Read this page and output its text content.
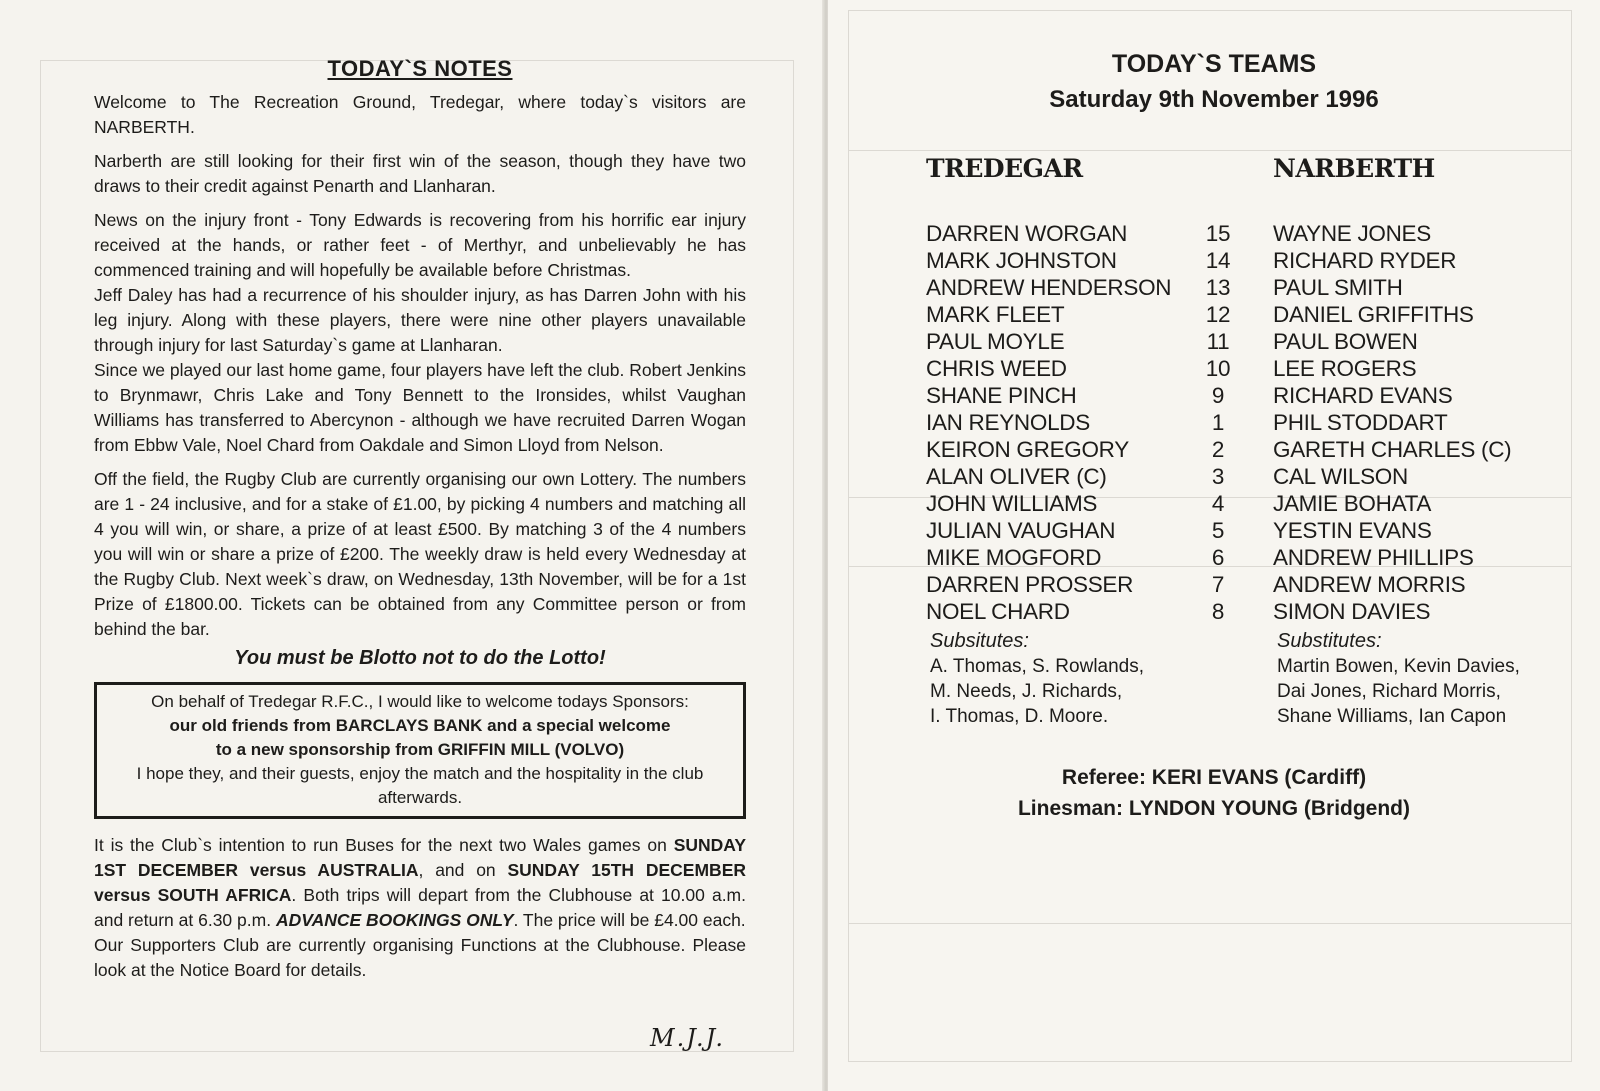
TODAY`S NOTES

Welcome to The Recreation Ground, Tredegar, where today`s visitors are NARBERTH.

Narberth are still looking for their first win of the season, though they have two draws to their credit against Penarth and Llanharan.

News on the injury front - Tony Edwards is recovering from his horrific ear injury received at the hands, or rather feet - of Merthyr, and unbelievably he has commenced training and will hopefully be available before Christmas.

Jeff Daley has had a recurrence of his shoulder injury, as has Darren John with his leg injury. Along with these players, there were nine other players unavailable through injury for last Saturday`s game at Llanharan.

Since we played our last home game, four players have left the club. Robert Jenkins to Brynmawr, Chris Lake and Tony Bennett to the Ironsides, whilst Vaughan Williams has transferred to Abercynon - although we have recruited Darren Wogan from Ebbw Vale, Noel Chard from Oakdale and Simon Lloyd from Nelson.

Off the field, the Rugby Club are currently organising our own Lottery. The numbers are 1 - 24 inclusive, and for a stake of £1.00, by picking 4 numbers and matching all 4 you will win, or share, a prize of at least £500. By matching 3 of the 4 numbers you will win or share a prize of £200. The weekly draw is held every Wednesday at the Rugby Club. Next week`s draw, on Wednesday, 13th November, will be for a 1st Prize of £1800.00. Tickets can be obtained from any Committee person or from behind the bar.

You must be Blotto not to do the Lotto!
On behalf of Tredegar R.F.C., I would like to welcome todays Sponsors:
our old friends from BARCLAYS BANK and a special welcome
to a new sponsorship from GRIFFIN MILL (VOLVO)
I hope they, and their guests, enjoy the match and the hospitality in the club afterwards.

It is the Club`s intention to run Buses for the next two Wales games on SUNDAY 1ST DECEMBER versus AUSTRALIA, and on SUNDAY 15TH DECEMBER versus SOUTH AFRICA. Both trips will depart from the Clubhouse at 10.00 a.m. and return at 6.30 p.m. ADVANCE BOOKINGS ONLY. The price will be £4.00 each.

Our Supporters Club are currently organising Functions at the Clubhouse. Please look at the Notice Board for details.

M.J.J.
TODAY`S TEAMS
Saturday 9th November 1996
TREDEGAR	NARBERTH
DARREN WORGAN	15	WAYNE JONES
MARK JOHNSTON	14	RICHARD RYDER
ANDREW HENDERSON	13	PAUL SMITH
MARK FLEET	12	DANIEL GRIFFITHS
PAUL MOYLE	11	PAUL BOWEN
CHRIS WEED	10	LEE ROGERS
SHANE PINCH	9	RICHARD EVANS
IAN REYNOLDS	1	PHIL STODDART
KEIRON GREGORY	2	GARETH CHARLES (C)
ALAN OLIVER (C)	3	CAL WILSON
JOHN WILLIAMS	4	JAMIE BOHATA
JULIAN VAUGHAN	5	YESTIN EVANS
MIKE MOGFORD	6	ANDREW PHILLIPS
DARREN PROSSER	7	ANDREW MORRIS
NOEL CHARD	8	SIMON DAVIES
Subsitutes:
A. Thomas, S. Rowlands,
M. Needs, J. Richards,
I. Thomas, D. Moore.
Substitutes:
Martin Bowen, Kevin Davies,
Dai Jones, Richard Morris,
Shane Williams, Ian Capon
Referee: KERI EVANS (Cardiff)
Linesman: LYNDON YOUNG (Bridgend)
